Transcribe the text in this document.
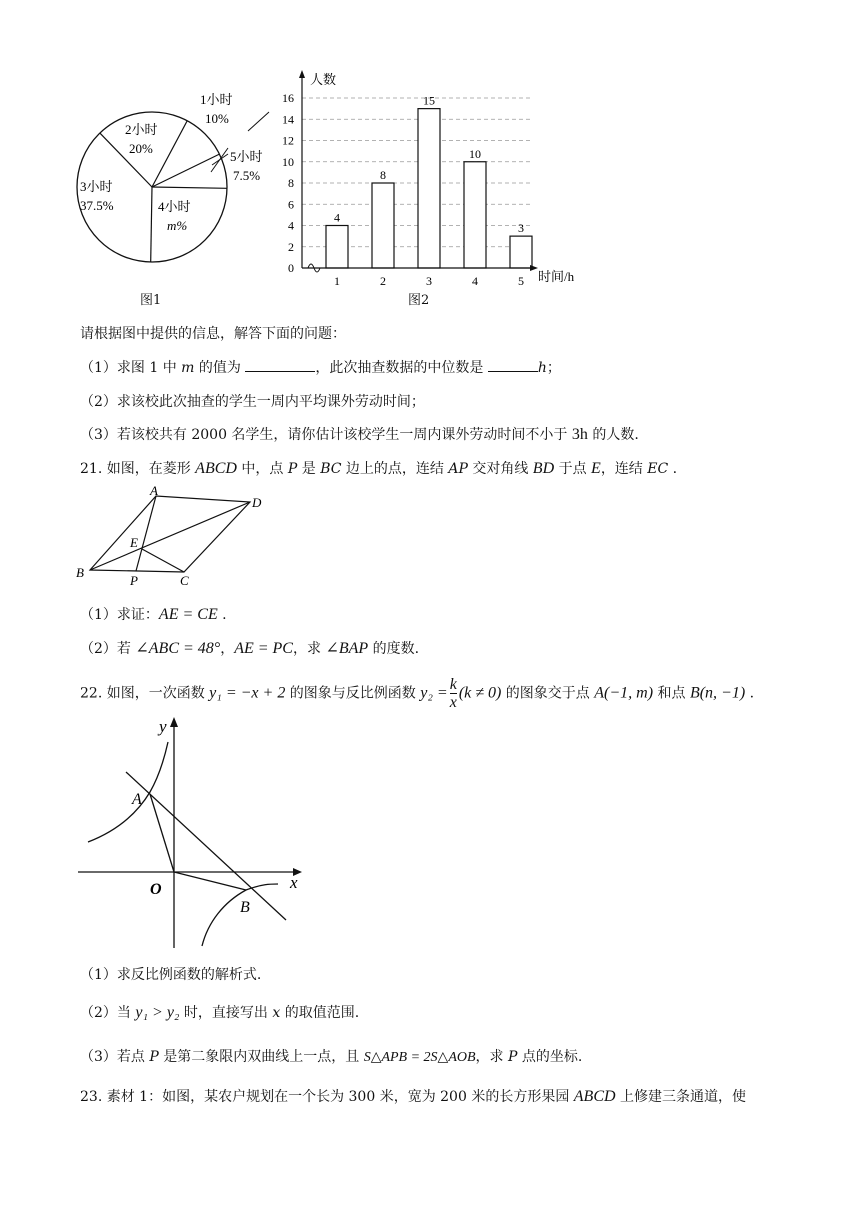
1小时
10%
2小时
20%
3小时
37.5%	4小时
m%
5小时
7.5%
图1
0
2
4
6
8
10
12
14
16
1	2	3	4	5
4
8
15
10
3
人数
时间/h
图2
请根据图中提供的信息，解答下面的问题：
（1）求图 1 中 m 的值为	，此次抽查数据的中位数是	h；
（2）求该校此次抽查的学生一周内平均课外劳动时间；
（3）若该校共有 2000 名学生，请你估计该校学生一周内课外劳动时间不小于 3h 的人数.
21. 如图，在菱形 ABCD 中，点 P 是 BC 边上的点，连结 AP 交对角线 BD 于点 E，连结 EC .
A
B
C
D
E
P
（1）求证：AE = CE .
（2）若 ∠ABC = 48°，AE = PC，求 ∠BAP 的度数.
22. 如图，一次函数 y₁ = −x + 2 的图象与反比例函数 $y_2 = \frac{k}{x} (k \ne 0)$ 的图象交于点 A(−1, m) 和点 B(n, −1) .
y
x
O
A
B
（1）求反比例函数的解析式.
（2）当 y₁ > y₂ 时，直接写出 x 的取值范围.
（3）若点 P 是第二象限内双曲线上一点，且 S△APB = 2S△AOB，求 P 点的坐标.
23. 素材 1：如图，某农户规划在一个长为 300 米，宽为 200 米的长方形果园 ABCD 上修建三条通道，使
